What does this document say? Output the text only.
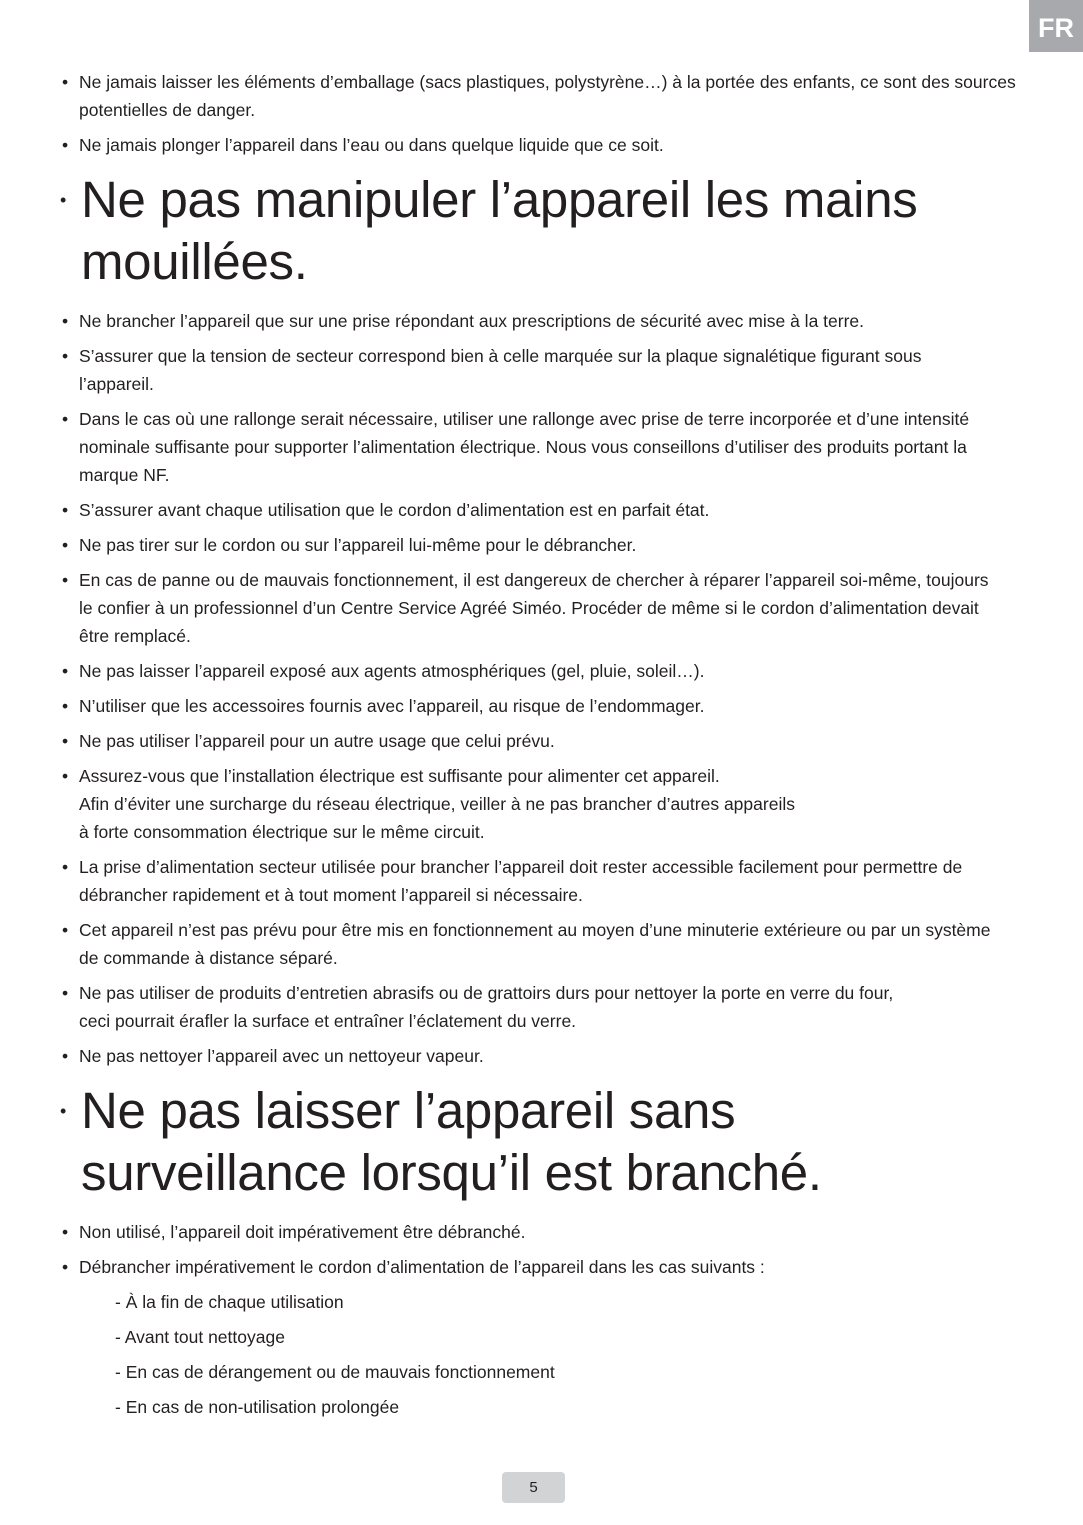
FR
• Ne jamais laisser les éléments d’emballage (sacs plastiques, polystyrène…) à la portée des enfants, ce sont des sources potentielles de danger.
• Ne jamais plonger l’appareil dans l’eau ou dans quelque liquide que ce soit.
• Ne pas manipuler l’appareil les mains mouillées.
• Ne brancher l’appareil que sur une prise répondant aux prescriptions de sécurité avec mise à la terre.
• S’assurer que la tension de secteur correspond bien à celle marquée sur la plaque signalétique figurant sous l’appareil.
• Dans le cas où une rallonge serait nécessaire, utiliser une rallonge avec prise de terre incorporée et d’une intensité nominale suffisante pour supporter l’alimentation électrique. Nous vous conseillons d’utiliser des produits portant la marque NF.
• S’assurer avant chaque utilisation que le cordon d’alimentation est en parfait état.
• Ne pas tirer sur le cordon ou sur l’appareil lui-même pour le débrancher.
• En cas de panne ou de mauvais fonctionnement, il est dangereux de chercher à réparer l’appareil soi-même, toujours le confier à un professionnel d’un Centre Service Agréé Siméo. Procéder de même si le cordon d’alimentation devait être remplacé.
• Ne pas laisser l’appareil exposé aux agents atmosphériques (gel, pluie, soleil…).
• N’utiliser que les accessoires fournis avec l’appareil, au risque de l’endommager.
• Ne pas utiliser l’appareil pour un autre usage que celui prévu.
• Assurez-vous que l’installation électrique est suffisante pour alimenter cet appareil.
Afin d’éviter une surcharge du réseau électrique, veiller à ne pas brancher d’autres appareils
à forte consommation électrique sur le même circuit.
• La prise d’alimentation secteur utilisée pour brancher l’appareil doit rester accessible facilement pour permettre de débrancher rapidement et à tout moment l’appareil si nécessaire.
• Cet appareil n’est pas prévu pour être mis en fonctionnement au moyen d’une minuterie extérieure ou par un système de commande à distance séparé.
• Ne pas utiliser de produits d’entretien abrasifs ou de grattoirs durs pour nettoyer la porte en verre du four, ceci pourrait érafler la surface et entraîner l’éclatement du verre.
• Ne pas nettoyer l’appareil avec un nettoyeur vapeur.
• Ne pas laisser l’appareil sans surveillance lorsqu’il est branché.
• Non utilisé, l’appareil doit impérativement être débranché.
• Débrancher impérativement le cordon d’alimentation de l’appareil dans les cas suivants :
- À la fin de chaque utilisation
- Avant tout nettoyage
- En cas de dérangement ou de mauvais fonctionnement
- En cas de non-utilisation prolongée
5
